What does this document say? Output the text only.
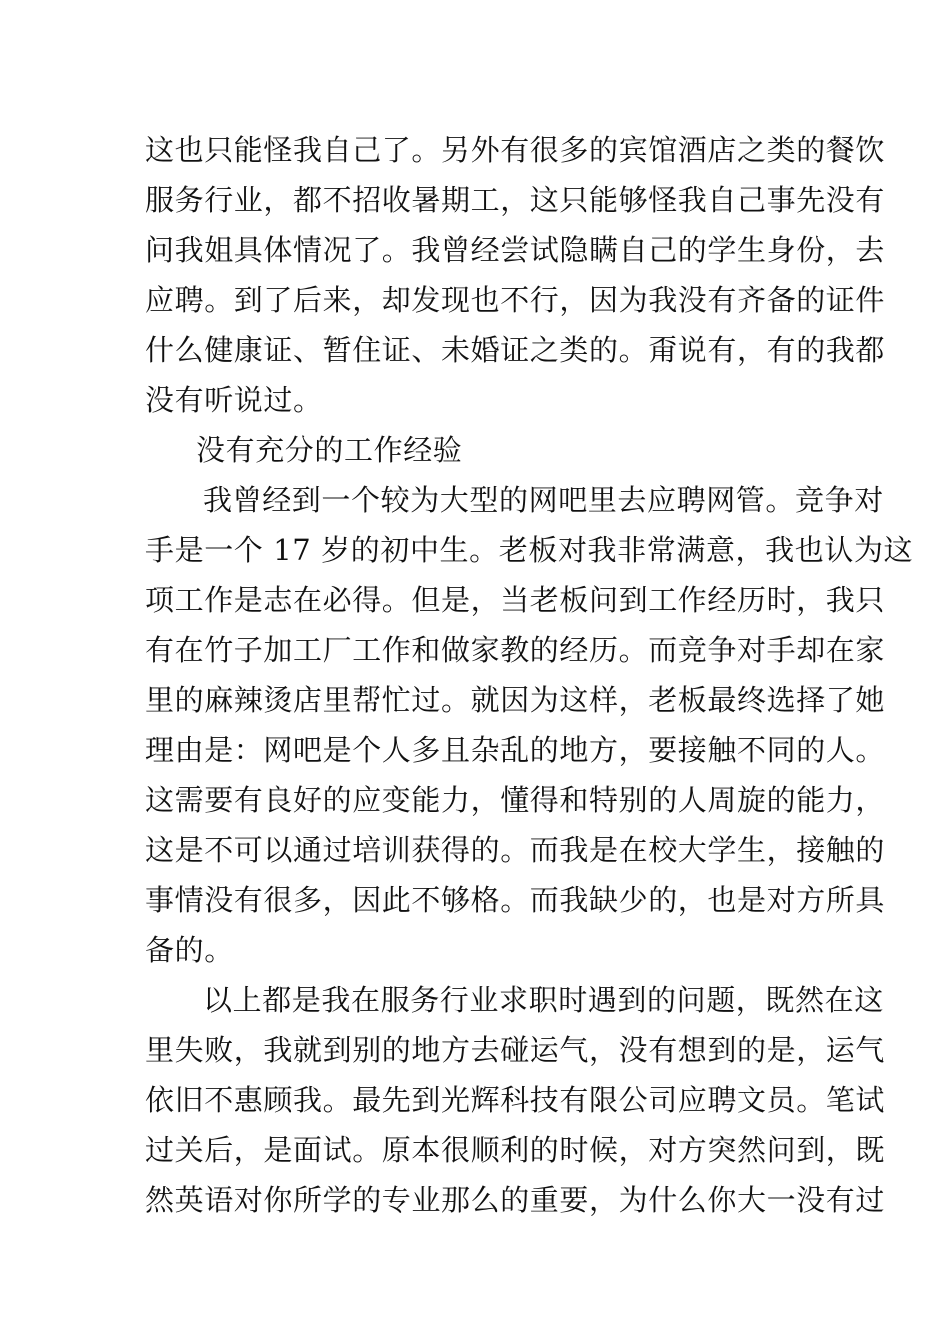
这也只能怪我自己了。另外有很多的宾馆酒店之类的餐饮
服务行业，都不招收暑期工，这只能够怪我自己事先没有
问我姐具体情况了。我曾经尝试隐瞒自己的学生身份，去
应聘。到了后来，却发现也不行，因为我没有齐备的证件
什么健康证、暂住证、未婚证之类的。甭说有，有的我都
没有听说过。
没有充分的工作经验
我曾经到一个较为大型的网吧里去应聘网管。竞争对
手是一个 17 岁的初中生。老板对我非常满意，我也认为这
项工作是志在必得。但是，当老板问到工作经历时，我只
有在竹子加工厂工作和做家教的经历。而竞争对手却在家
里的麻辣烫店里帮忙过。就因为这样，老板最终选择了她
理由是：网吧是个人多且杂乱的地方，要接触不同的人。
这需要有良好的应变能力，懂得和特别的人周旋的能力，
这是不可以通过培训获得的。而我是在校大学生，接触的
事情没有很多，因此不够格。而我缺少的，也是对方所具
备的。
以上都是我在服务行业求职时遇到的问题，既然在这
里失败，我就到别的地方去碰运气，没有想到的是，运气
依旧不惠顾我。最先到光辉科技有限公司应聘文员。笔试
过关后，是面试。原本很顺利的时候，对方突然问到，既
然英语对你所学的专业那么的重要，为什么你大一没有过
